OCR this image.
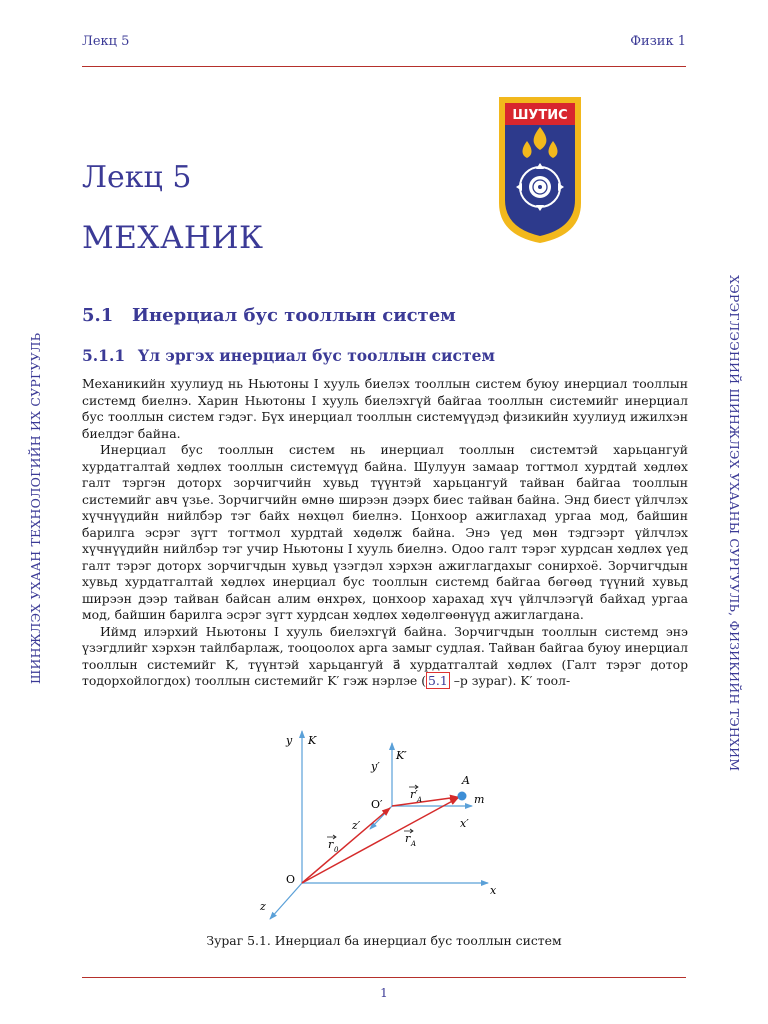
Лекц 5	Физик 1
ШИНЖЛЭХ УХААН ТЕХНОЛОГИЙН ИХ СУРГУУЛЬ	ХЭРЭГЛЭЭНИЙ ШИНЖЛЭХ УХААНЫ СУРГУУЛЬ, ФИЗИКИЙН ТЭНХИМ
ШУТИС
Лекц 5
МЕХАНИК
5.1 Инерциал бус тооллын систем
5.1.1 Үл эргэх инерциал бус тооллын систем

Механикийн хуулиуд нь Ньютоны I хууль биелэх тооллын систем буюу инерциал тооллын системд биелнэ. Харин Ньютоны I хууль биелэхгүй байгаа тооллын системийг инерциал бус тооллын систем гэдэг. Бүх инерциал тооллын системүүдэд физикийн хуулиуд ижилхэн биелдэг байна.

Инерциал бус тооллын систем нь инерциал тооллын системтэй харьцангуй хурдатгалтай хөдлөх тооллын системүүд байна. Шулуун замаар тогтмол хурдтай хөдлөх галт тэргэн доторх зорчигчийн хувьд түүнтэй харьцангуй тайван байгаа тооллын системийг авч үзье. Зорчигчийн өмнө ширээн дээрх биес тайван байна. Энд биест үйлчлэх хүчнүүдийн нийлбэр тэг байх нөхцөл биелнэ. Цонхоор ажиглахад ургаа мод, байшин барилга эсрэг зүгт тогтмол хурдтай хөдөлж байна. Энэ үед мөн тэдгээрт үйлчлэх хүчнүүдийн нийлбэр тэг учир Ньютоны I хууль биелнэ. Одоо галт тэрэг хурдсан хөдлөх үед галт тэрэг доторх зорчигчдын хувьд үзэгдэл хэрхэн ажиглагдахыг сонирхоё. Зорчигчдын хувьд хурдатгалтай хөдлөх инерциал бус тооллын системд байгаа бөгөөд түүний хувьд ширээн дээр тайван байсан алим өнхрөх, цонхоор харахад хүч үйлчлээгүй байхад ургаа мод, байшин барилга эсрэг зүгт хурдсан хөдлөх хөдөлгөөнүүд ажиглагдана.

Иймд илэрхий Ньютоны I хууль биелэхгүй байна. Зорчигчдын тооллын системд энэ үзэгдлийг хэрхэн тайлбарлаж, тооцоолох арга замыг судлая. Тайван байгаа буюу инерциал тооллын системийг K, түүнтэй харьцангуй a⃗ хурдатгалтай хөдлөх (Галт тэрэг дотор тодорхойлогдох) тооллын системийг K′ гэж нэрлэе ( 5.1 –р зураг). K′ тоол-

y K
y′
K′
A
m
O′
x′
z′
O
x
z
r 0
r A
r′ A
Зураг 5.1. Инерциал ба инерциал бус тооллын систем
1
